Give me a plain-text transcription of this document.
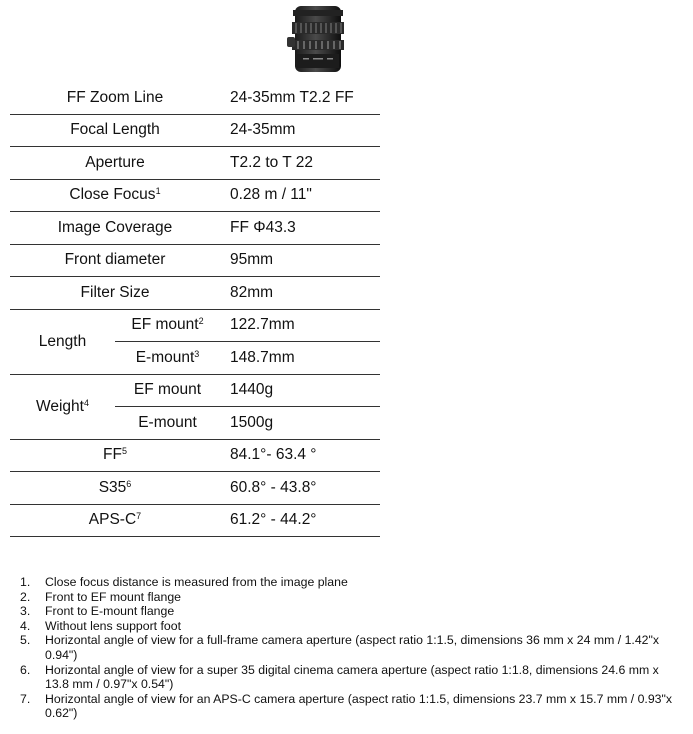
FF Zoom Line		24-35mm T2.2 FF
Focal Length		24-35mm
Aperture		T2.2 to T 22
Close Focus$^1$		0.28 m / 11"
Image Coverage		FF Φ43.3
Front diameter		95mm
Filter Size		82mm
Length	EF mount$^2$	122.7mm
	E-mount$^3$	148.7mm
Weight$^4$	EF mount	1440g
	E-mount	1500g
$FF^5$		84.1°- 63.4 °
$S35^6$		60.8° - 43.8°
APS-$C^7$		61.2° - 44.2°
1. Close focus distance is measured from the image plane
2. Front to EF mount flange
3. Front to E-mount flange
4. Without lens support foot
5. Horizontal angle of view for a full-frame camera aperture (aspect ratio 1:1.5, dimensions 36 mm x 24 mm / 1.42"x 0.94")
6. Horizontal angle of view for a super 35 digital cinema camera aperture (aspect ratio 1:1.8, dimensions 24.6 mm x 13.8 mm / 0.97"x 0.54")
7. Horizontal angle of view for an APS-C camera aperture (aspect ratio 1:1.5, dimensions 23.7 mm x 15.7 mm / 0.93"x 0.62")
